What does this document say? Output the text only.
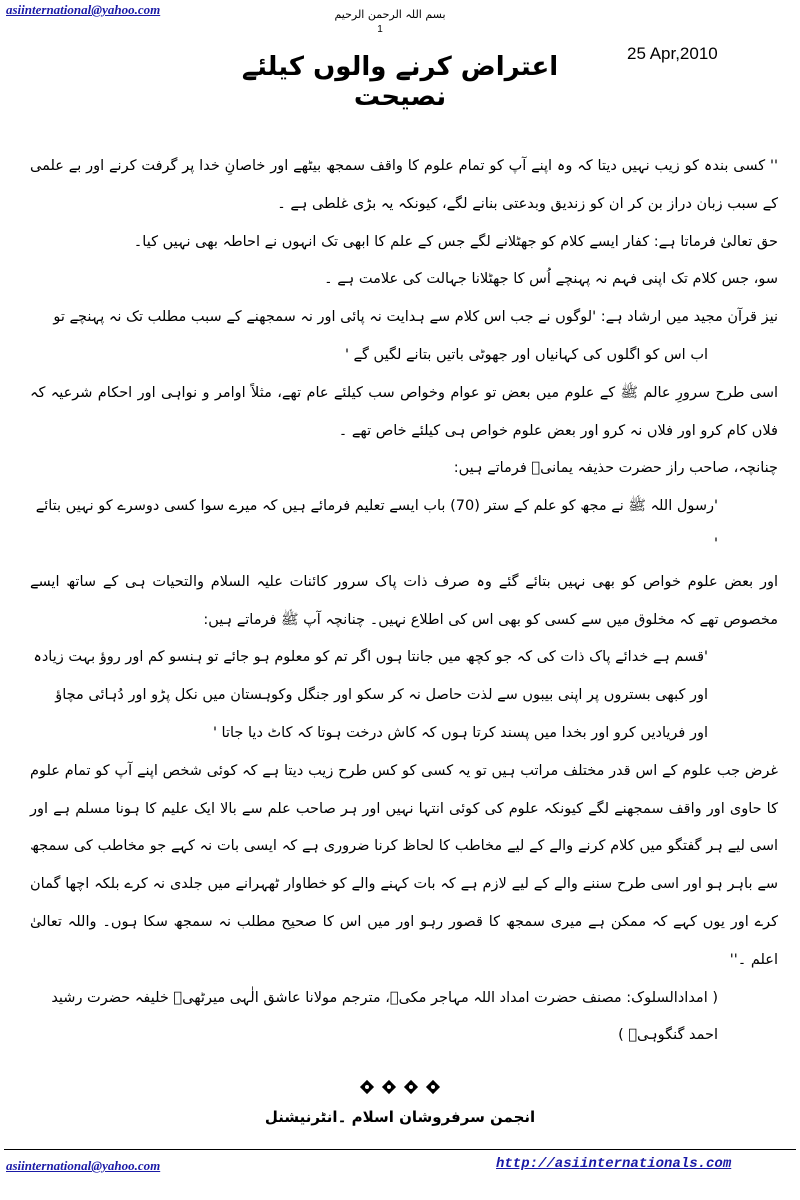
asiinternational@yahoo.com	بسم اللہ الرحمن الرحیم
1
25 Apr,2010
اعتراض کرنے والوں کیلئے نصیحت

'' کسی بندہ کو زیب نہیں دیتا کہ وہ اپنے آپ کو تمام علوم کا واقف سمجھ بیٹھے اور خاصانِ خدا پر گرفت کرنے اور بے علمی کے سبب زبان دراز بن کر ان کو زندیق وبدعتی بنانے لگے، کیونکہ یہ بڑی غلطی ہے ۔

حق تعالیٰ فرماتا ہے: کفار ایسے کلام کو جھٹلانے لگے جس کے علم کا ابھی تک انہوں نے احاطہ بھی نہیں کیا۔

سو، جس کلام تک اپنی فہم نہ پہنچے اُس کا جھٹلانا جہالت کی علامت ہے ۔

نیز قرآن مجید میں ارشاد ہے: 'لوگوں نے جب اس کلام سے ہدایت نہ پائی اور نہ سمجھنے کے سبب مطلب تک نہ پہنچے تو

اب اس کو اگلوں کی کہانیاں اور جھوٹی باتیں بتانے لگیں گے '

اسی طرح سرورِ عالم ﷺ کے علوم میں بعض تو عوام وخواص سب کیلئے عام تھے، مثلاً اوامر و نواہی اور احکام شرعیہ کہ فلاں کام کرو اور فلاں نہ کرو اور بعض علوم خواص ہی کیلئے خاص تھے ۔

چنانچہ، صاحب راز حضرت حذیفہ یمانیؓ فرماتے ہیں:

'رسول اللہ ﷺ نے مجھ کو علم کے ستر (70) باب ایسے تعلیم فرمائے ہیں کہ میرے سوا کسی دوسرے کو نہیں بتائے '

اور بعض علوم خواص کو بھی نہیں بتائے گئے وہ صرف ذات پاک سرور کائنات علیہ السلام والتحیات ہی کے ساتھ ایسے مخصوص تھے کہ مخلوق میں سے کسی کو بھی اس کی اطلاع نہیں۔ چنانچہ آپ ﷺ فرماتے ہیں:

'قسم ہے خدائے پاک ذات کی کہ جو کچھ میں جانتا ہوں اگر تم کو معلوم ہو جائے تو ہنسو کم اور روؤ بہت زیادہ

اور کبھی بستروں پر اپنی بیبوں سے لذت حاصل نہ کر سکو اور جنگل وکوہستان میں نکل پڑو اور دُہائی مچاؤ

اور فریادیں کرو اور بخدا میں پسند کرتا ہوں کہ کاش درخت ہوتا کہ کاٹ دیا جاتا '

غرض جب علوم کے اس قدر مختلف مراتب ہیں تو یہ کسی کو کس طرح زیب دیتا ہے کہ کوئی شخص اپنے آپ کو تمام علوم کا حاوی اور واقف سمجھنے لگے کیونکہ علوم کی کوئی انتہا نہیں اور ہر صاحب علم سے بالا ایک علیم کا ہونا مسلم ہے اور اسی لیے ہر گفتگو میں کلام کرنے والے کے لیے مخاطب کا لحاظ کرنا ضروری ہے کہ ایسی بات نہ کہے جو مخاطب کی سمجھ سے باہر ہو اور اسی طرح سننے والے کے لیے لازم ہے کہ بات کہنے والے کو خطاوار ٹھہرانے میں جلدی نہ کرے بلکہ اچھا گمان کرے اور یوں کہے کہ ممکن ہے میری سمجھ کا قصور رہو اور میں اس کا صحیح مطلب نہ سمجھ سکا ہوں۔ واللہ تعالیٰ اعلم ۔''

( امدادالسلوک: مصنف حضرت امداد اللہ مہاجر مکیؒ، مترجم مولانا عاشق الٰہی میرٹھیؒ خلیفہ حضرت رشید احمد گنگوہیؒ )

انجمن سرفروشان اسلام ۔انٹرنیشنل
asiinternational@yahoo.com	http://asiinternationals.com
